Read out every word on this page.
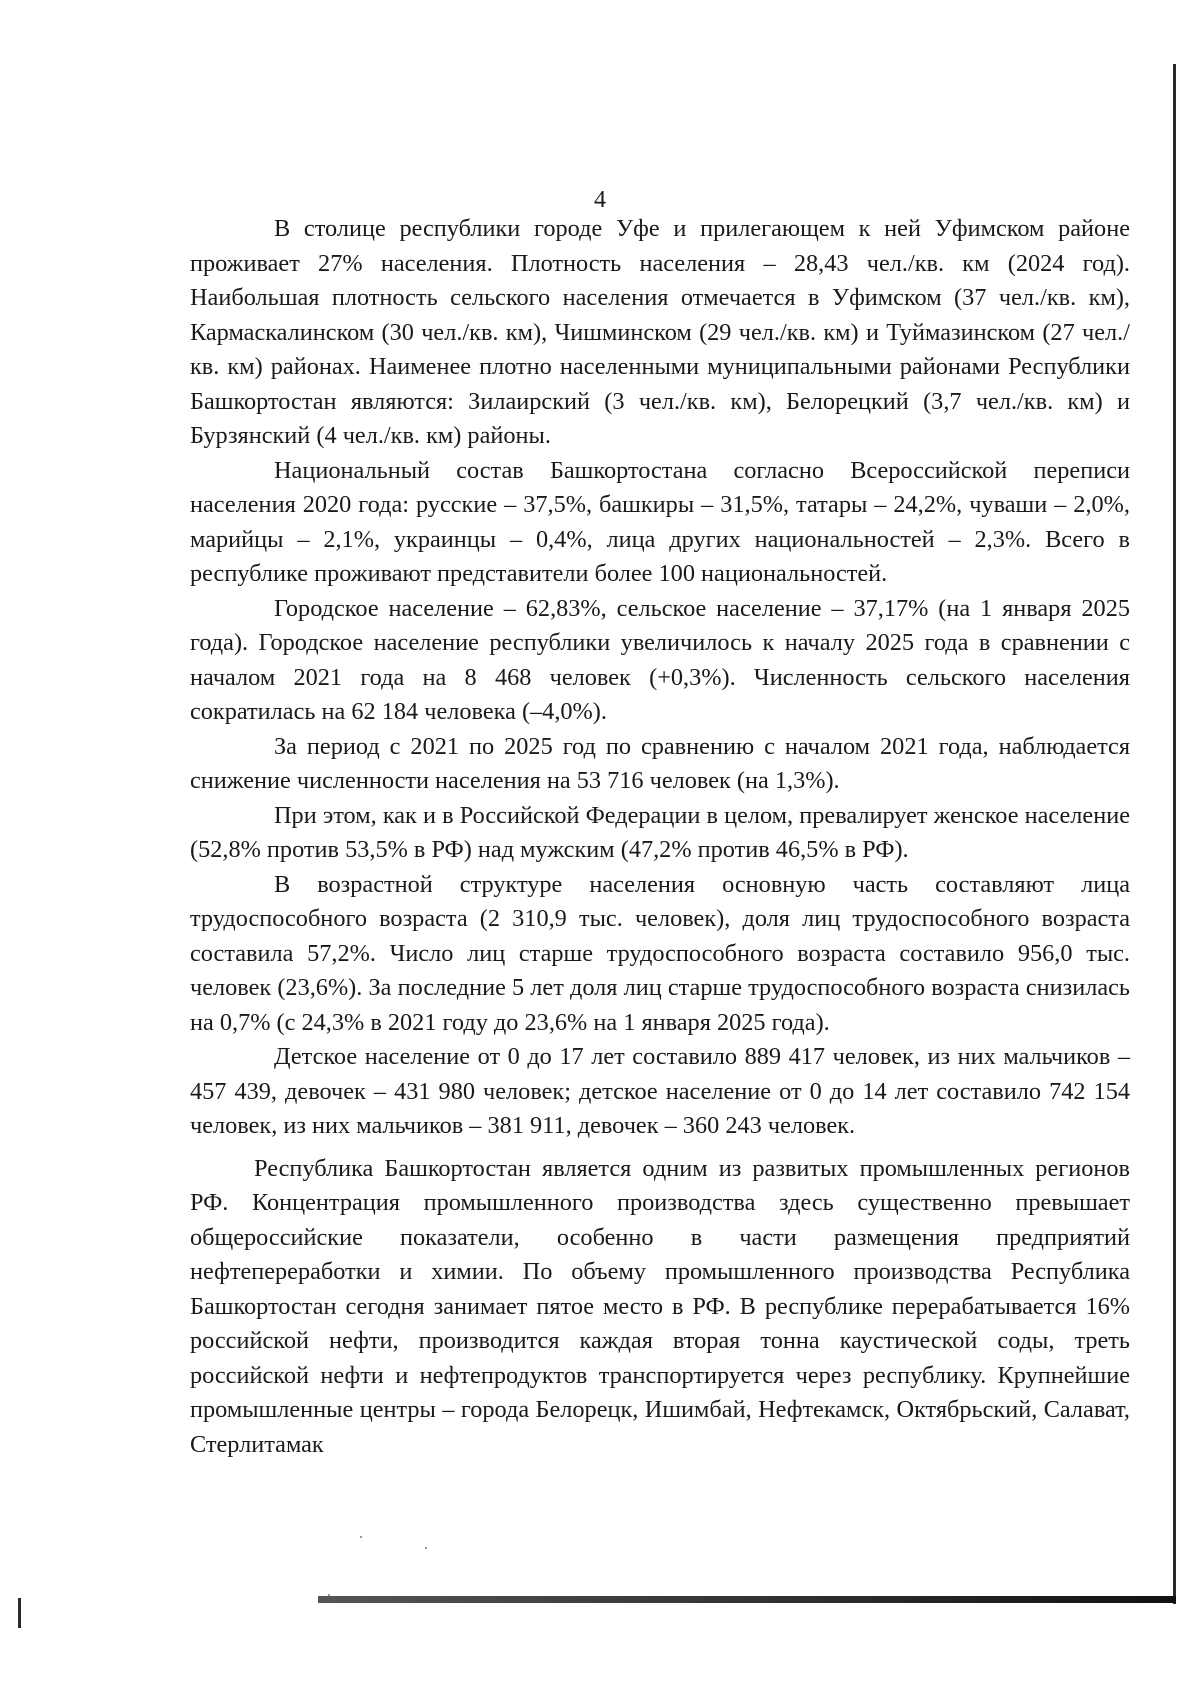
4

В столице республики городе Уфе и прилегающем к ней Уфимском районе проживает 27% населения. Плотность населения – 28,43 чел./кв. км (2024 год). Наибольшая плотность сельского населения отмечается в Уфимском (37 чел./кв. км), Кармаскалинском (30 чел./кв. км), Чишминском (29 чел./кв. км) и Туймазинском (27 чел./кв. км) районах. Наименее плотно населенными муниципальными районами Республики Башкортостан являются: Зилаирский (3 чел./кв. км), Белорецкий (3,7 чел./кв. км) и Бурзянский (4 чел./кв. км) районы.

Национальный состав Башкортостана согласно Всероссийской переписи населения 2020 года: русские – 37,5%, башкиры – 31,5%, татары – 24,2%, чуваши – 2,0%, марийцы – 2,1%, украинцы – 0,4%, лица других национальностей – 2,3%. Всего в республике проживают представители более 100 национальностей.

Городское население – 62,83%, сельское население – 37,17% (на 1 января 2025 года). Городское население республики увеличилось к началу 2025 года в сравнении с началом 2021 года на 8 468 человек (+0,3%). Численность сельского населения сократилась на 62 184 человека (–4,0%).

За период с 2021 по 2025 год по сравнению с началом 2021 года, наблюдается снижение численности населения на 53 716 человек (на 1,3%).

При этом, как и в Российской Федерации в целом, превалирует женское население (52,8% против 53,5% в РФ) над мужским (47,2% против 46,5% в РФ).

В возрастной структуре населения основную часть составляют лица трудоспособного возраста (2 310,9 тыс. человек), доля лиц трудоспособного возраста составила 57,2%. Число лиц старше трудоспособного возраста составило 956,0 тыс. человек (23,6%). За последние 5 лет доля лиц старше трудоспособного возраста снизилась на 0,7% (с 24,3% в 2021 году до 23,6% на 1 января 2025 года).

Детское население от 0 до 17 лет составило 889 417 человек, из них мальчиков – 457 439, девочек – 431 980 человек; детское население от 0 до 14 лет составило 742 154 человек, из них мальчиков – 381 911, девочек – 360 243 человек.

Республика Башкортостан является одним из развитых промышленных регионов РФ. Концентрация промышленного производства здесь существенно превышает общероссийские показатели, особенно в части размещения предприятий нефтепереработки и химии. По объему промышленного производства Республика Башкортостан сегодня занимает пятое место в РФ. В республике перерабатывается 16% российской нефти, производится каждая вторая тонна каустической соды, треть российской нефти и нефтепродуктов транспортируется через республику. Крупнейшие промышленные центры – города Белорецк, Ишимбай, Нефтекамск, Октябрьский, Салават, Стерлитамак
